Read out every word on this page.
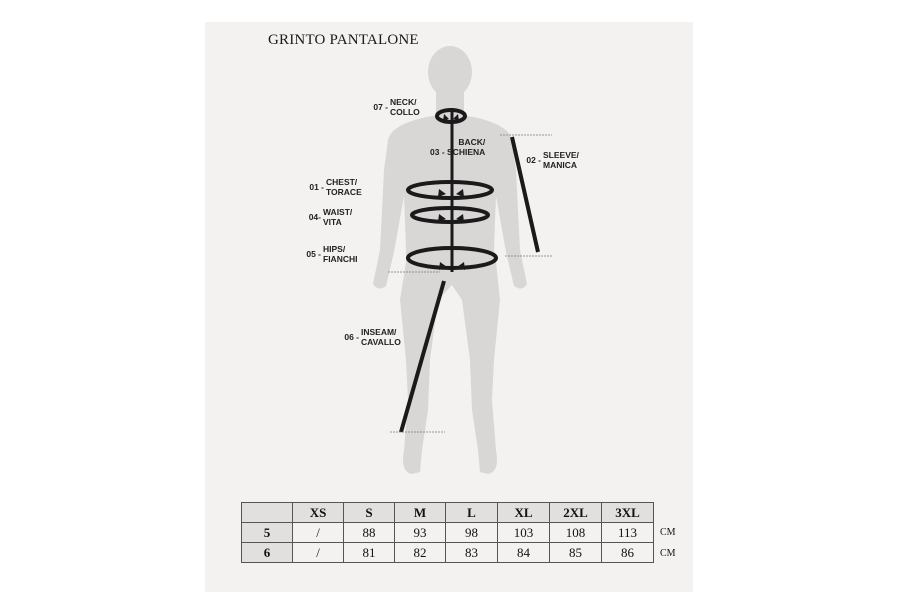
GRINTO PANTALONE
07 - NECK/
COLLO
BACK/
03 - SCHIENA
02 - SLEEVE/
MANICA
01 - CHEST/
TORACE
04- WAIST/
VITA
05 - HIPS/
FIANCHI
06 - INSEAM/
CAVALLO
	XS	S	M	L	XL	2XL	3XL
5	/	88	93	98	103	108	113
6	/	81	82	83	84	85	86
CM
CM
